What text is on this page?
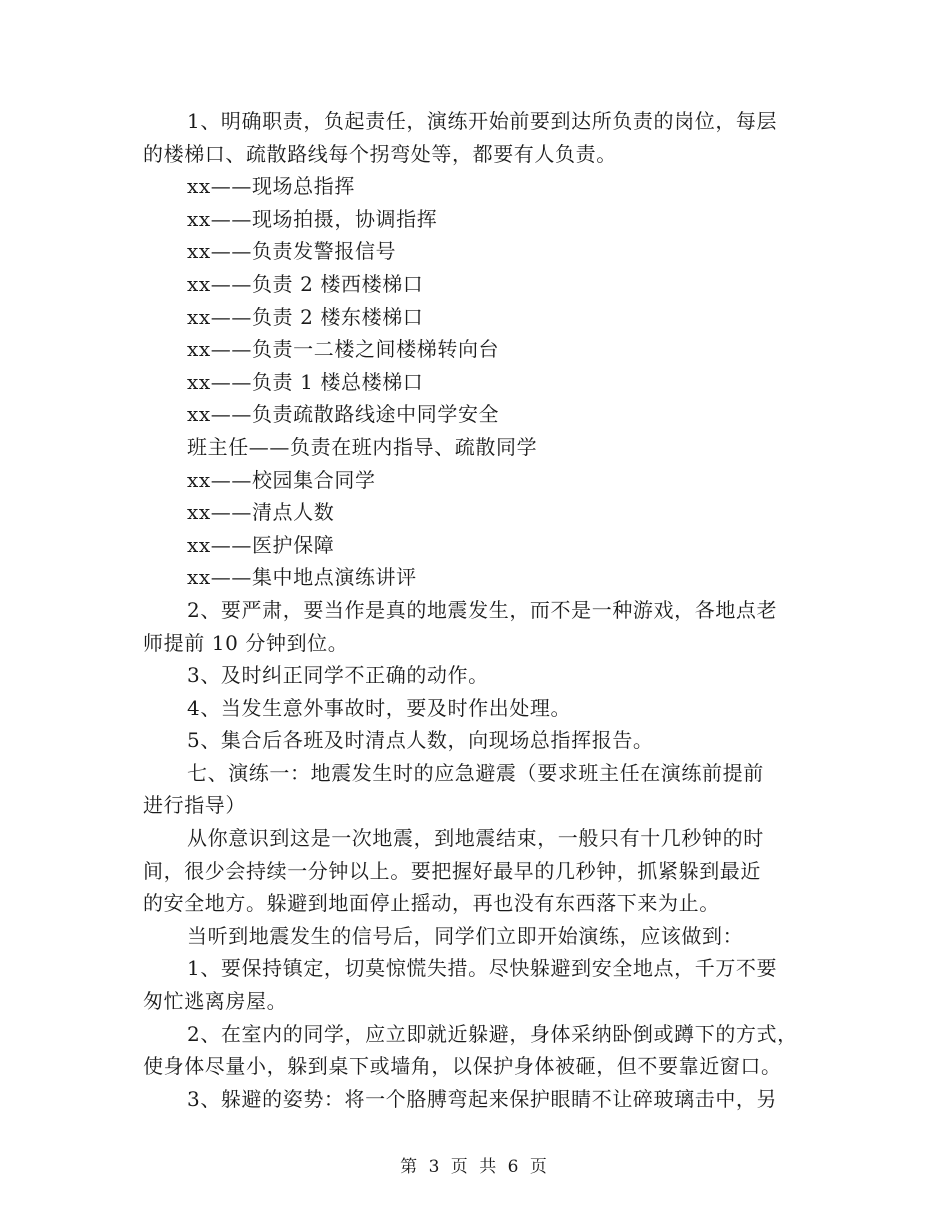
1、明确职责，负起责任，演练开始前要到达所负责的岗位，每层
的楼梯口、疏散路线每个拐弯处等，都要有人负责。
xx——现场总指挥
xx——现场拍摄，协调指挥
xx——负责发警报信号
xx——负责 2 楼西楼梯口
xx——负责 2 楼东楼梯口
xx——负责一二楼之间楼梯转向台
xx——负责 1 楼总楼梯口
xx——负责疏散路线途中同学安全
班主任——负责在班内指导、疏散同学
xx——校园集合同学
xx——清点人数
xx——医护保障
xx——集中地点演练讲评
2、要严肃，要当作是真的地震发生，而不是一种游戏，各地点老
师提前 10 分钟到位。
3、及时纠正同学不正确的动作。
4、当发生意外事故时，要及时作出处理。
5、集合后各班及时清点人数，向现场总指挥报告。
七、演练一：地震发生时的应急避震（要求班主任在演练前提前
进行指导）
从你意识到这是一次地震，到地震结束，一般只有十几秒钟的时
间，很少会持续一分钟以上。要把握好最早的几秒钟，抓紧躲到最近
的安全地方。躲避到地面停止摇动，再也没有东西落下来为止。
当听到地震发生的信号后，同学们立即开始演练，应该做到：
1、要保持镇定，切莫惊慌失措。尽快躲避到安全地点，千万不要
匆忙逃离房屋。
2、在室内的同学，应立即就近躲避，身体采纳卧倒或蹲下的方式，
使身体尽量小，躲到桌下或墙角，以保护身体被砸，但不要靠近窗口。
3、躲避的姿势：将一个胳膊弯起来保护眼睛不让碎玻璃击中，另
第 3 页 共 6 页
